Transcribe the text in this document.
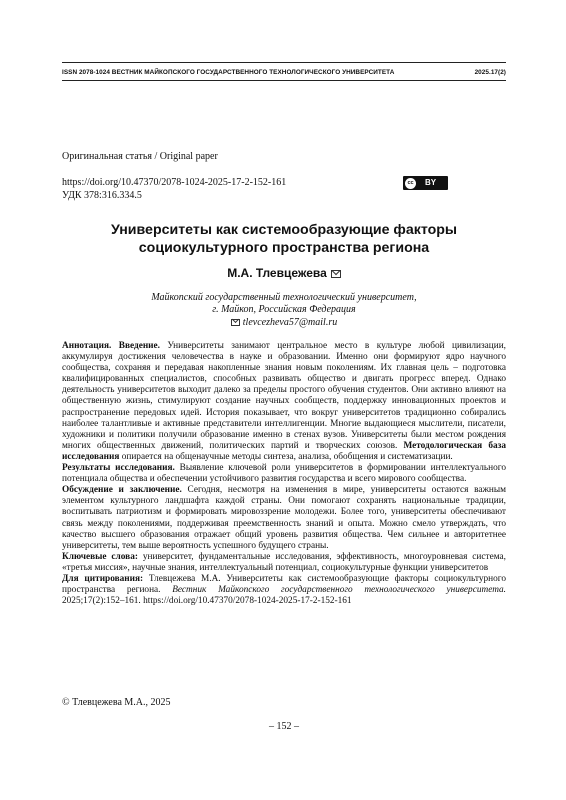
ISSN 2078-1024 ВЕСТНИК МАЙКОПСКОГО ГОСУДАРСТВЕННОГО ТЕХНОЛОГИЧЕСКОГО УНИВЕРСИТЕТА	2025.17(2)
Оригинальная статья / Original paper
https://doi.org/10.47370/2078-1024-2025-17-2-152-161
УДК 378:316.334.5
cc	BY
Университеты как системообразующие факторы
социокультурного пространства региона
М.А. Тлевцежева
Майкопский государственный технологический университет,
г. Майкоп, Российская Федерация
tlevcezheva57@mail.ru

Аннотация. Введение. Университеты занимают центральное место в культуре любой цивилизации, аккумулируя достижения человечества в науке и образовании. Именно они формируют ядро научного сообщества, сохраняя и передавая накопленные знания новым поколениям. Их главная цель – подготовка квалифицированных специалистов, способных развивать общество и двигать прогресс вперед. Однако деятельность университетов выходит далеко за пределы простого обучения студентов. Они активно влияют на общественную жизнь, стимулируют создание научных сообществ, поддержку инновационных проектов и распространение передовых идей. История показывает, что вокруг университетов традиционно собирались наиболее талантливые и активные представители интеллигенции. Многие выдающиеся мыслители, писатели, художники и политики получили образование именно в стенах вузов. Университеты были местом рождения многих общественных движений, политических партий и творческих союзов. Методологическая база исследования опирается на общенаучные методы синтеза, анализа, обобщения и систематизации.

Результаты исследования. Выявление ключевой роли университетов в формировании интеллектуального потенциала общества и обеспечении устойчивого развития государства и всего мирового сообщества.

Обсуждение и заключение. Сегодня, несмотря на изменения в мире, университеты остаются важным элементом культурного ландшафта каждой страны. Они помогают сохранять национальные традиции, воспитывать патриотизм и формировать мировоззрение молодежи. Более того, университеты обеспечивают связь между поколениями, поддерживая преемственность знаний и опыта. Можно смело утверждать, что качество высшего образования отражает общий уровень развития общества. Чем сильнее и авторитетнее университеты, тем выше вероятность успешного будущего страны.

Ключевые слова: университет, фундаментальные исследования, эффективность, многоуровневая система, «третья миссия», научные знания, интеллектуальный потенциал, социокультурные функции университетов

Для цитирования: Тлевцежева М.А. Университеты как системообразующие факторы социокультурного пространства региона. Вестник Майкопского государственного технологического университета. 2025;17(2):152–161. https://doi.org/10.47370/2078-1024-2025-17-2-152-161

© Тлевцежева М.А., 2025
– 152 –
